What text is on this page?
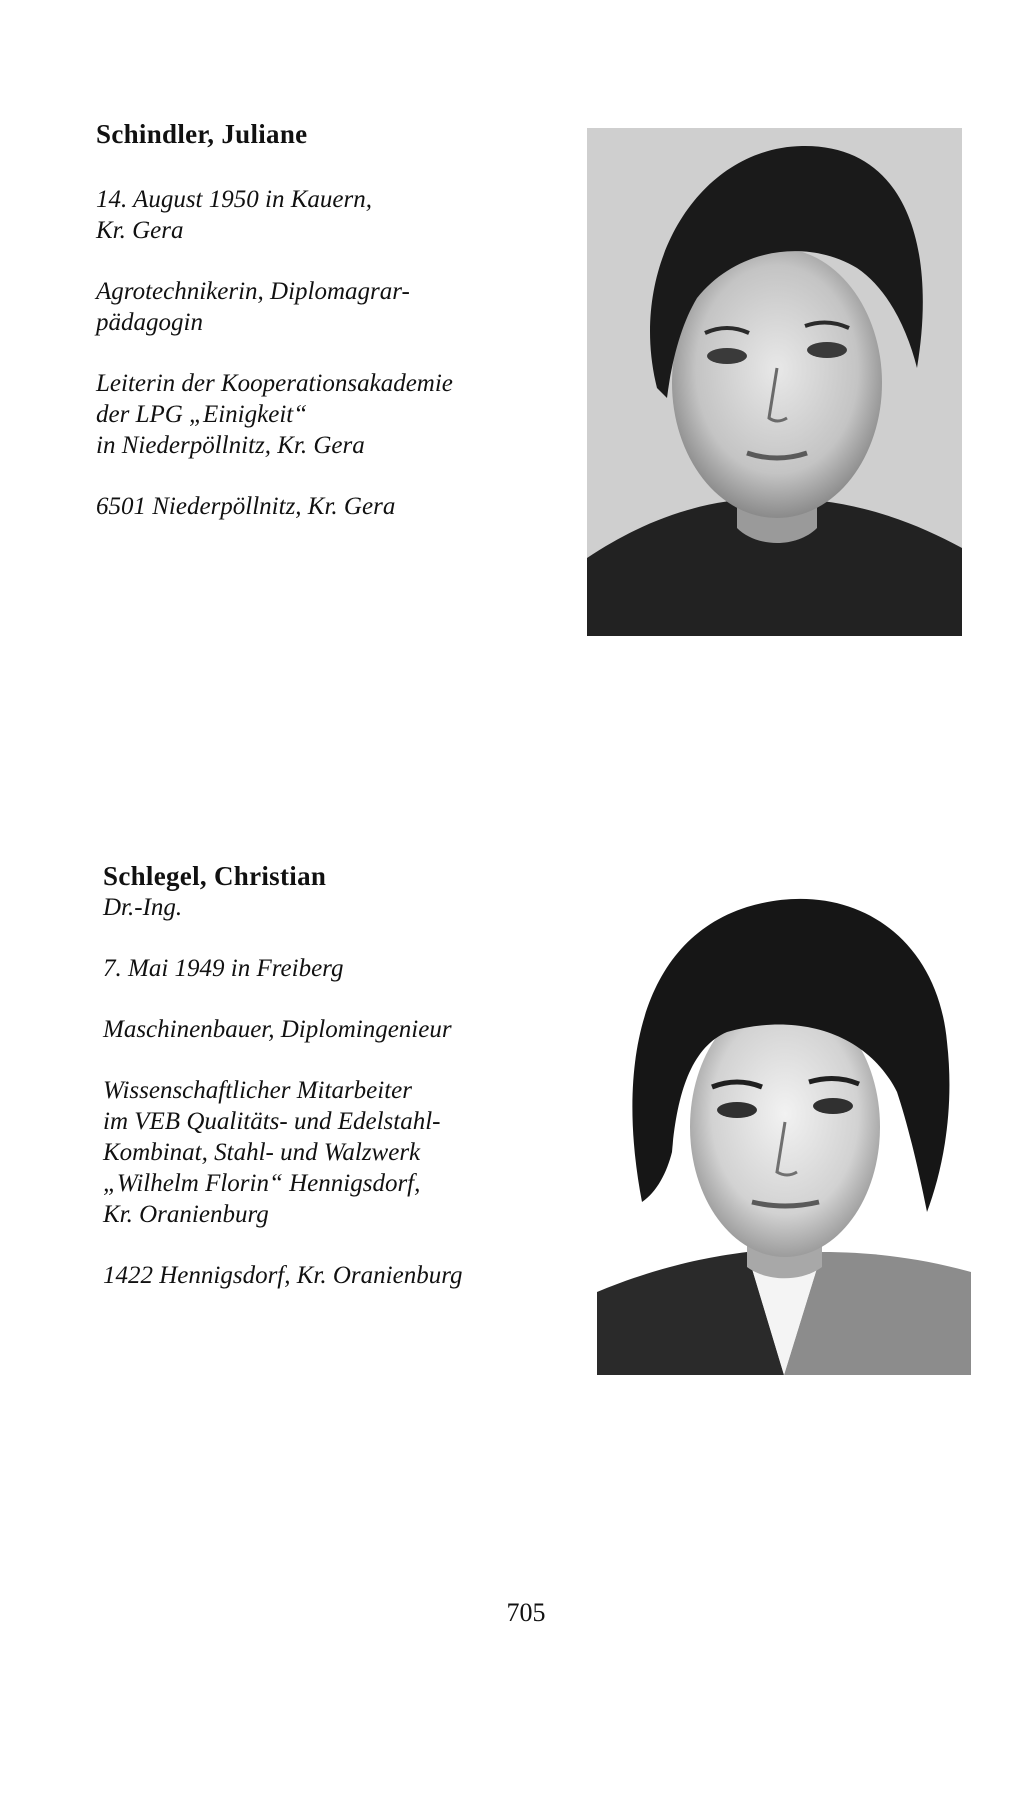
Schindler, Juliane

14. August 1950 in Kauern,

Kr. Gera

Agrotechnikerin, Diplomagrar-

pädagogin

Leiterin der Kooperationsakademie

der LPG „Einigkeit“

in Niederpöllnitz, Kr. Gera

6501 Niederpöllnitz, Kr. Gera

Schlegel, Christian

Dr.-Ing.

7. Mai 1949 in Freiberg

Maschinenbauer, Diplomingenieur

Wissenschaftlicher Mitarbeiter

im VEB Qualitäts- und Edelstahl-

Kombinat, Stahl- und Walzwerk

„Wilhelm Florin“ Hennigsdorf,

Kr. Oranienburg

1422 Hennigsdorf, Kr. Oranienburg

705
